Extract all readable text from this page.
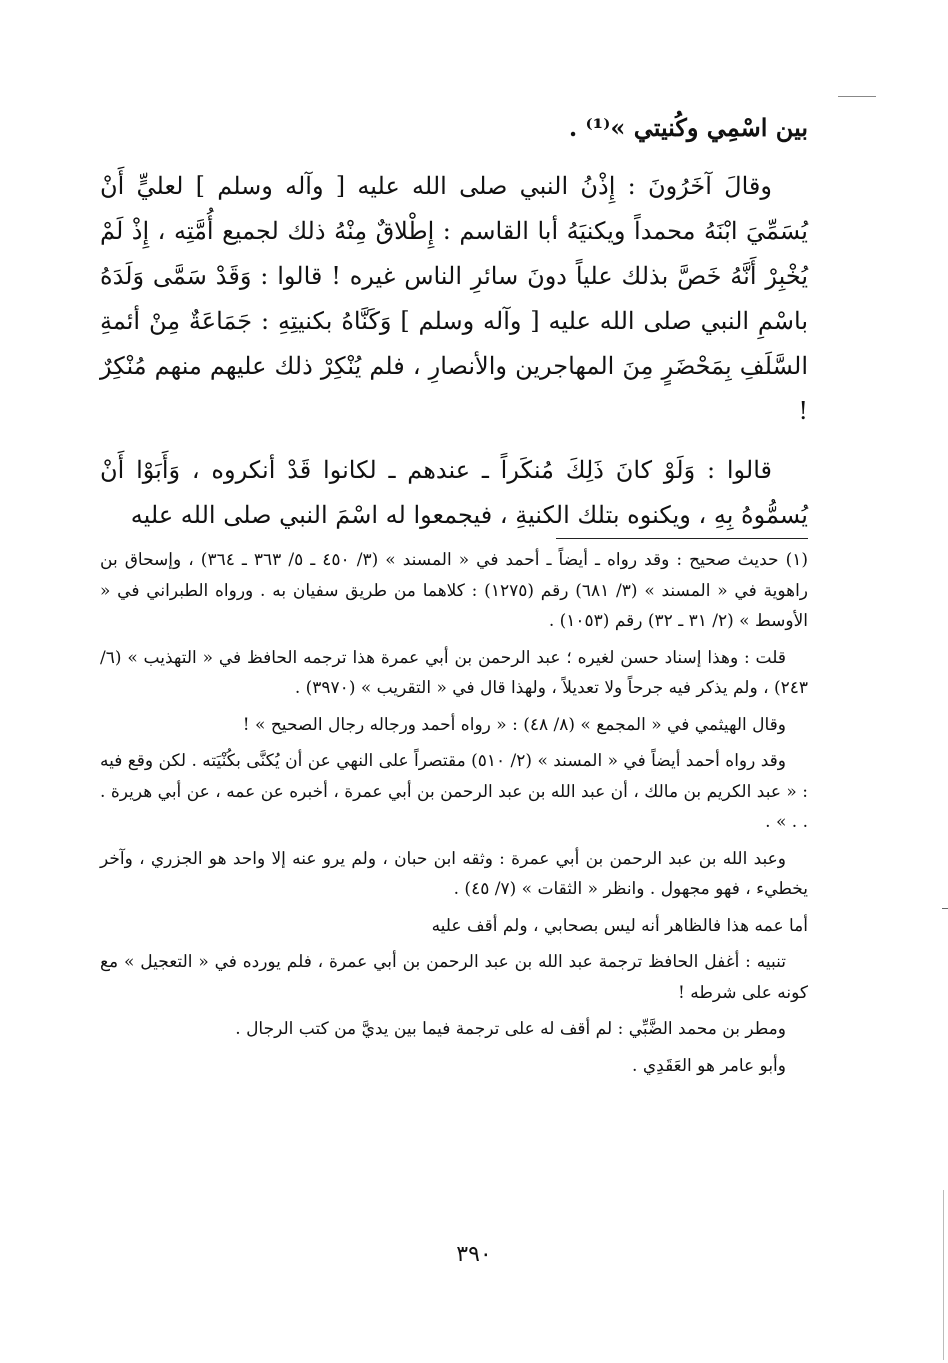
بين اسْمِي وكُنيتي »⁽¹⁾ .

وقالَ آخَرُونَ : إِذْنُ النبي صلى الله عليه [ وآله وسلم ] لعليٍّ أَنْ يُسَمِّيَ ابْنَهُ محمداً ويكنيَهُ أبا القاسم : إِطْلاقٌ مِنْهُ ذلك لجميع أُمَّتِه ، إِذْ لَمْ يُخْبِرْ أَنَّهُ خَصَّ بذلك علياً دونَ سائرِ الناس غيره ! قالوا : وَقَدْ سَمَّى وَلَدَهُ باسْمِ النبي صلى الله عليه [ وآله وسلم ] وَكَنَّاهُ بكنيتِهِ : جَمَاعَةٌ مِنْ أئمةِ السَّلَفِ بِمَحْضَرٍ مِنَ المهاجرين والأنصارِ ، فلم يُنْكِرْ ذلك عليهم منهم مُنْكِرٌ !

قالوا : وَلَوْ كانَ ذَلِكَ مُنكَراً ـ عندهم ـ لكانوا قَدْ أنكروه ، وَأَبَوْا أَنْ يُسمُّوهُ بِهِ ، ويكنوه بتلك الكنيةِ ، فيجمعوا له اسْمَ النبي صلى الله عليه

(١) حديث صحيح : وقد رواه ـ أيضاً ـ أحمد في « المسند » (٣/ ٤٥٠ ـ ٥/ ٣٦٣ ـ ٣٦٤) ، وإسحاق بن راهوية في « المسند » (٣/ ٦٨١) رقم (١٢٧٥) : كلاهما من طريق سفيان به . ورواه الطبراني في « الأوسط » (٢/ ٣١ ـ ٣٢) رقم (١٠٥٣) .

قلت : وهذا إسناد حسن لغيره ؛ عبد الرحمن بن أبي عمرة هذا ترجمه الحافظ في « التهذيب » (٦/ ٢٤٣) ، ولم يذكر فيه جرحاً ولا تعديلاً ، ولهذا قال في « التقريب » (٣٩٧٠) .

وقال الهيثمي في « المجمع » (٨/ ٤٨) : « رواه أحمد ورجاله رجال الصحيح » !

وقد رواه أحمد أيضاً في « المسند » (٢/ ٥١٠) مقتصراً على النهي عن أن يُكنَّى بكُنْيَته . لكن وقع فيه : « عبد الكريم بن مالك ، أن عبد الله بن عبد الرحمن بن أبي عمرة ، أخبره عن عمه ، عن أبي هريرة . . . » .

وعبد الله بن عبد الرحمن بن أبي عمرة : وثقه ابن حبان ، ولم يرو عنه إلا واحد هو الجزري ، وآخر يخطيء ، فهو مجهول . وانظر « الثقات » (٧/ ٤٥) .

أما عمه هذا فالظاهر أنه ليس بصحابي ، ولم أقف عليه

تنبيه : أغفل الحافظ ترجمة عبد الله بن عبد الرحمن بن أبي عمرة ، فلم يورده في « التعجيل » مع كونه على شرطه !

ومطر بن محمد الضَّبِّي : لم أقف له على ترجمة فيما بين يديَّ من كتب الرجال .

وأبو عامر هو العَقَدِي .

٣٩٠
